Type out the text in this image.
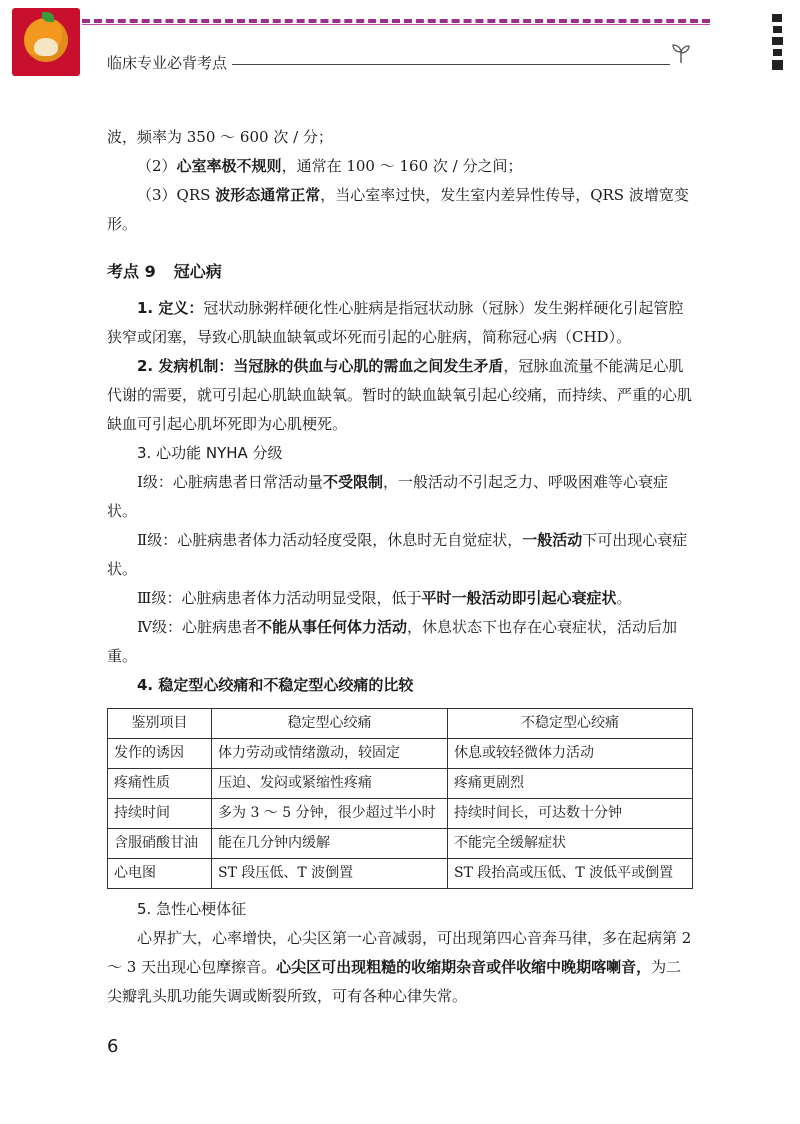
临床专业必背考点

波，频率为 350 ～ 600 次 / 分；

（2）心室率极不规则，通常在 100 ～ 160 次 / 分之间；

（3）QRS 波形态通常正常，当心室率过快，发生室内差异性传导，QRS 波增宽变形。

考点 9 冠心病

1. 定义：冠状动脉粥样硬化性心脏病是指冠状动脉（冠脉）发生粥样硬化引起管腔狭窄或闭塞，导致心肌缺血缺氧或坏死而引起的心脏病，简称冠心病（CHD）。

2. 发病机制：当冠脉的供血与心肌的需血之间发生矛盾，冠脉血流量不能满足心肌代谢的需要，就可引起心肌缺血缺氧。暂时的缺血缺氧引起心绞痛，而持续、严重的心肌缺血可引起心肌坏死即为心肌梗死。

3. 心功能 NYHA 分级

Ⅰ级：心脏病患者日常活动量不受限制，一般活动不引起乏力、呼吸困难等心衰症状。

Ⅱ级：心脏病患者体力活动轻度受限，休息时无自觉症状，一般活动下可出现心衰症状。

Ⅲ级：心脏病患者体力活动明显受限，低于平时一般活动即引起心衰症状。

Ⅳ级：心脏病患者不能从事任何体力活动，休息状态下也存在心衰症状，活动后加重。

4. 稳定型心绞痛和不稳定型心绞痛的比较

鉴别项目	稳定型心绞痛	不稳定型心绞痛
发作的诱因	体力劳动或情绪激动，较固定	休息或较轻微体力活动
疼痛性质	压迫、发闷或紧缩性疼痛	疼痛更剧烈
持续时间	多为 3 ～ 5 分钟，很少超过半小时	持续时间长，可达数十分钟
含服硝酸甘油	能在几分钟内缓解	不能完全缓解症状
心电图	ST 段压低、T 波倒置	ST 段抬高或压低、T 波低平或倒置

5. 急性心梗体征

心界扩大，心率增快，心尖区第一心音减弱，可出现第四心音奔马律，多在起病第 2 ～ 3 天出现心包摩擦音。心尖区可出现粗糙的收缩期杂音或伴收缩中晚期喀喇音，为二尖瓣乳头肌功能失调或断裂所致，可有各种心律失常。

6
